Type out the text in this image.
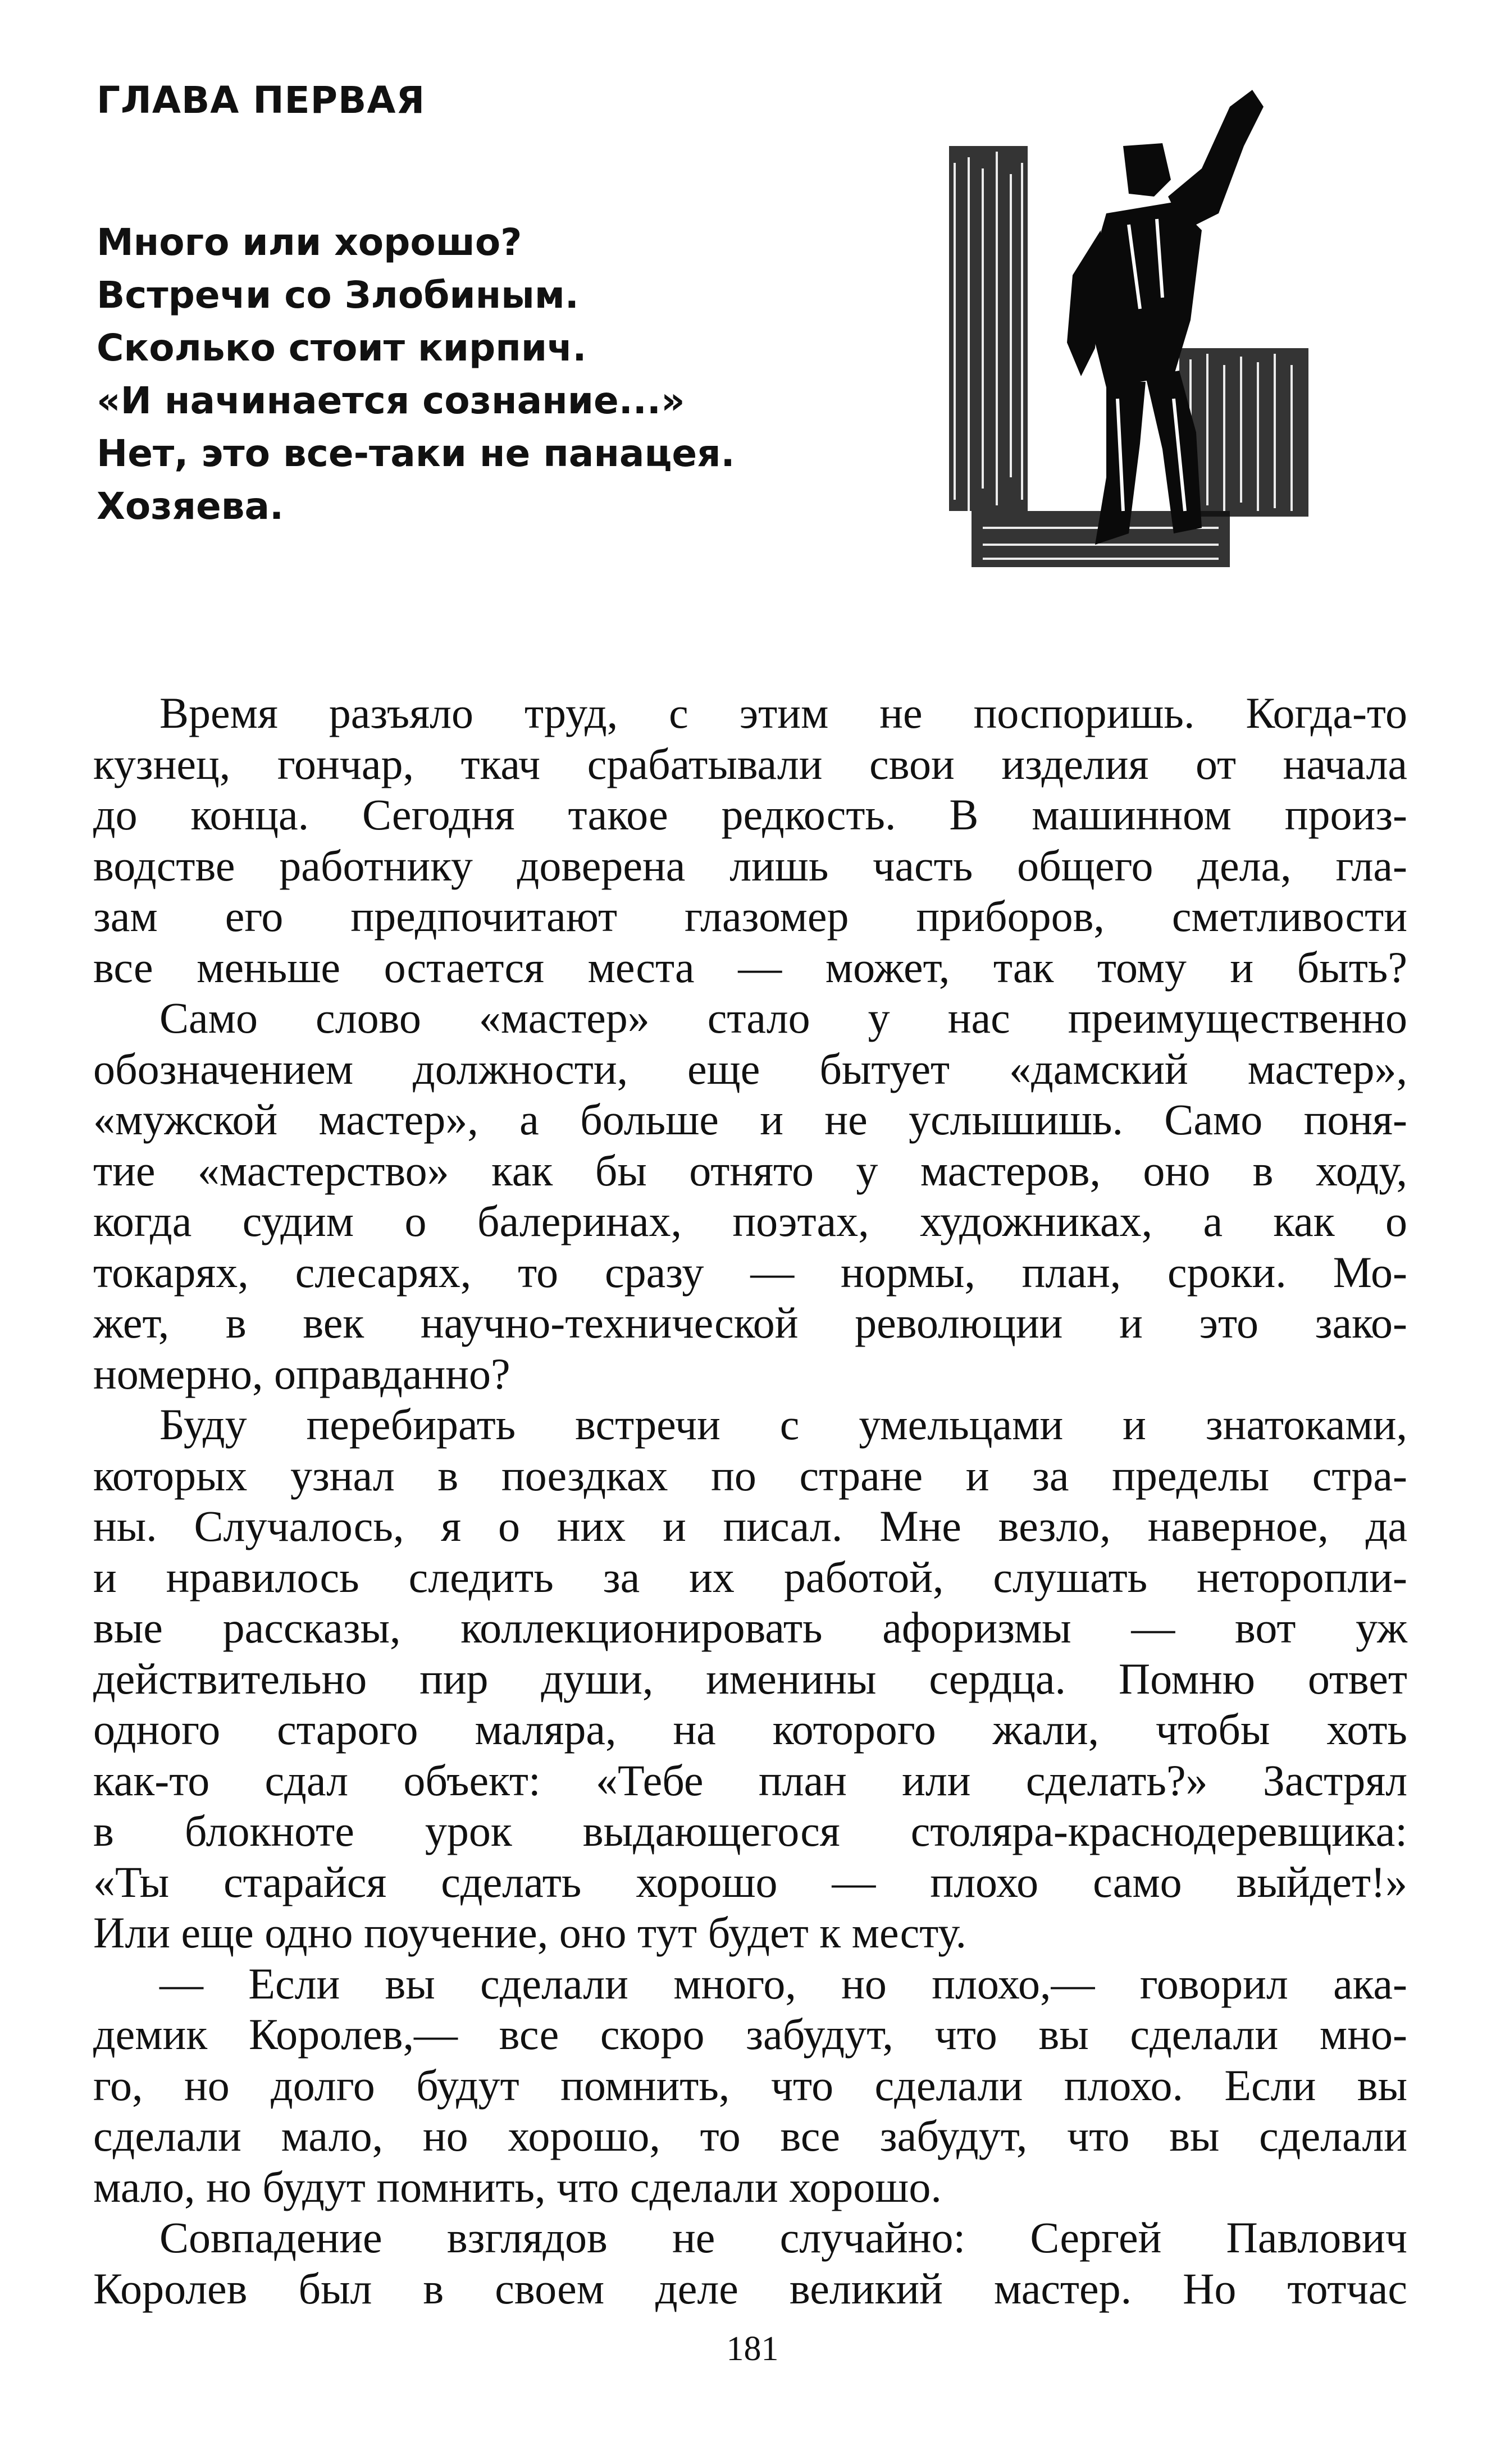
ГЛАВА ПЕРВАЯ
Много или хорошо?
Встречи со Злобиным.
Сколько стоит кирпич.
«И начинается сознание...»
Нет, это все-таки не панацея.
Хозяева.
Время разъяло труд, с этим не поспоришь. Когда-то
кузнец, гончар, ткач срабатывали свои изделия от начала
до конца. Сегодня такое редкость. В машинном произ-
водстве работнику доверена лишь часть общего дела, гла-
зам его предпочитают глазомер приборов, сметливости
все меньше остается места — может, так тому и быть?
Само слово «мастер» стало у нас преимущественно
обозначением должности, еще бытует «дамский мастер»,
«мужской мастер», а больше и не услышишь. Само поня-
тие «мастерство» как бы отнято у мастеров, оно в ходу,
когда судим о балеринах, поэтах, художниках, а как о
токарях, слесарях, то сразу — нормы, план, сроки. Мо-
жет, в век научно-технической революции и это зако-
номерно, оправданно?
Буду перебирать встречи с умельцами и знатоками,
которых узнал в поездках по стране и за пределы стра-
ны. Случалось, я о них и писал. Мне везло, наверное, да
и нравилось следить за их работой, слушать неторопли-
вые рассказы, коллекционировать афоризмы — вот уж
действительно пир души, именины сердца. Помню ответ
одного старого маляра, на которого жали, чтобы хоть
как-то сдал объект: «Тебе план или сделать?» Застрял
в блокноте урок выдающегося столяра-краснодеревщика:
«Ты старайся сделать хорошо — плохо само выйдет!»
Или еще одно поучение, оно тут будет к месту.
— Если вы сделали много, но плохо,— говорил ака-
демик Королев,— все скоро забудут, что вы сделали мно-
го, но долго будут помнить, что сделали плохо. Если вы
сделали мало, но хорошо, то все забудут, что вы сделали
мало, но будут помнить, что сделали хорошо.
Совпадение взглядов не случайно: Сергей Павлович
Королев был в своем деле великий мастер. Но тотчас

181
